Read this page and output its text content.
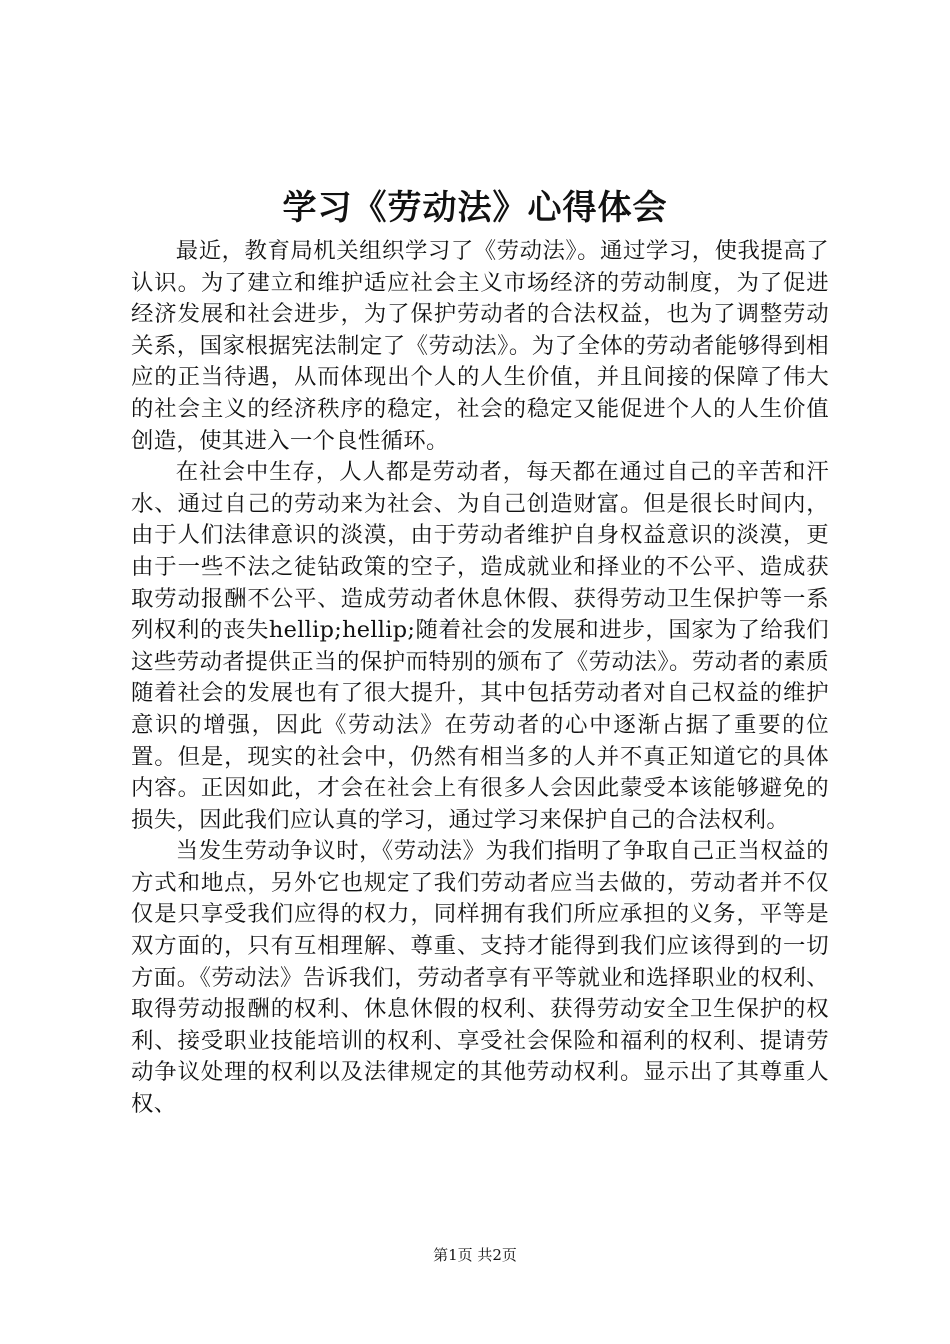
学习《劳动法》心得体会

最近，教育局机关组织学习了《劳动法》。通过学习，使我提高了认识。为了建立和维护适应社会主义市场经济的劳动制度，为了促进经济发展和社会进步，为了保护劳动者的合法权益，也为了调整劳动关系，国家根据宪法制定了《劳动法》。为了全体的劳动者能够得到相应的正当待遇，从而体现出个人的人生价值，并且间接的保障了伟大的社会主义的经济秩序的稳定，社会的稳定又能促进个人的人生价值创造，使其进入一个良性循环。

在社会中生存，人人都是劳动者，每天都在通过自己的辛苦和汗水、通过自己的劳动来为社会、为自己创造财富。但是很长时间内，由于人们法律意识的淡漠，由于劳动者维护自身权益意识的淡漠，更由于一些不法之徒钻政策的空子，造成就业和择业的不公平、造成获取劳动报酬不公平、造成劳动者休息休假、获得劳动卫生保护等一系列权利的丧失hellip;hellip;随着社会的发展和进步，国家为了给我们这些劳动者提供正当的保护而特别的颁布了《劳动法》。劳动者的素质随着社会的发展也有了很大提升，其中包括劳动者对自己权益的维护意识的增强，因此《劳动法》在劳动者的心中逐渐占据了重要的位置。但是，现实的社会中，仍然有相当多的人并不真正知道它的具体内容。正因如此，才会在社会上有很多人会因此蒙受本该能够避免的损失，因此我们应认真的学习，通过学习来保护自己的合法权利。

当发生劳动争议时，《劳动法》为我们指明了争取自己正当权益的方式和地点，另外它也规定了我们劳动者应当去做的，劳动者并不仅仅是只享受我们应得的权力，同样拥有我们所应承担的义务，平等是双方面的，只有互相理解、尊重、支持才能得到我们应该得到的一切方面。《劳动法》告诉我们，劳动者享有平等就业和选择职业的权利、取得劳动报酬的权利、休息休假的权利、获得劳动安全卫生保护的权利、接受职业技能培训的权利、享受社会保险和福利的权利、提请劳动争议处理的权利以及法律规定的其他劳动权利。显示出了其尊重人权、

第1页 共2页
